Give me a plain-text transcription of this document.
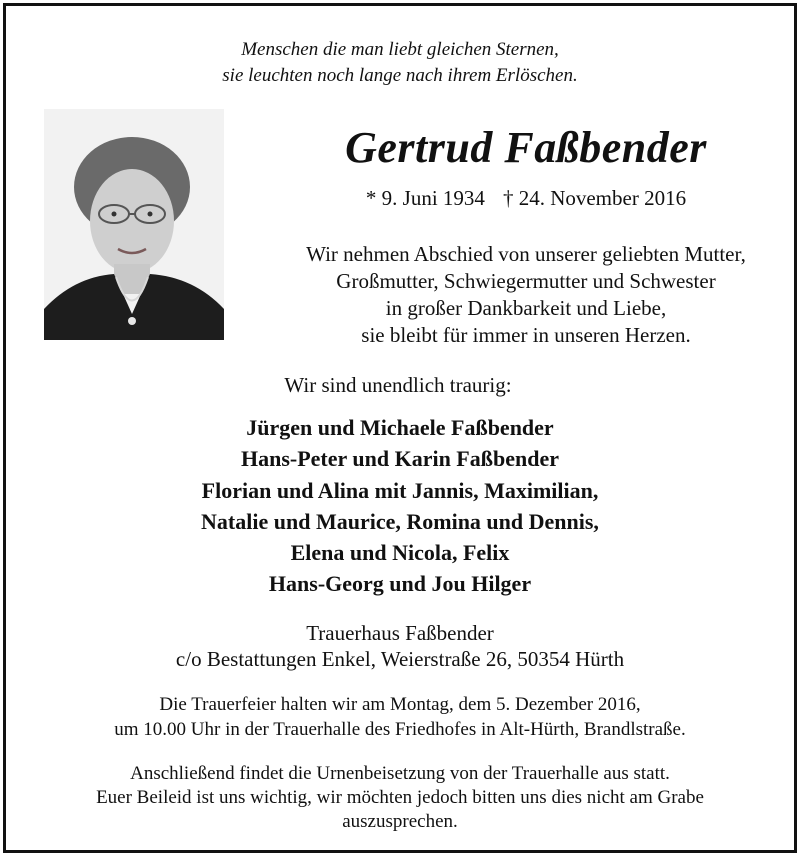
Menschen die man liebt gleichen Sternen,
sie leuchten noch lange nach ihrem Erlöschen.
Gertrud Faßbender
* 9. Juni 1934 † 24. November 2016
Wir nehmen Abschied von unserer geliebten Mutter,
Großmutter, Schwiegermutter und Schwester
in großer Dankbarkeit und Liebe,
sie bleibt für immer in unseren Herzen.
Wir sind unendlich traurig:
Jürgen und Michaele Faßbender
Hans-Peter und Karin Faßbender
Florian und Alina mit Jannis, Maximilian,
Natalie und Maurice, Romina und Dennis,
Elena und Nicola, Felix
Hans-Georg und Jou Hilger
Trauerhaus Faßbender
c/o Bestattungen Enkel, Weierstraße 26, 50354 Hürth
Die Trauerfeier halten wir am Montag, dem 5. Dezember 2016,
um 10.00 Uhr in der Trauerhalle des Friedhofes in Alt-Hürth, Brandlstraße.
Anschließend findet die Urnenbeisetzung von der Trauerhalle aus statt.
Euer Beileid ist uns wichtig, wir möchten jedoch bitten uns dies nicht am Grabe
auszusprechen.
